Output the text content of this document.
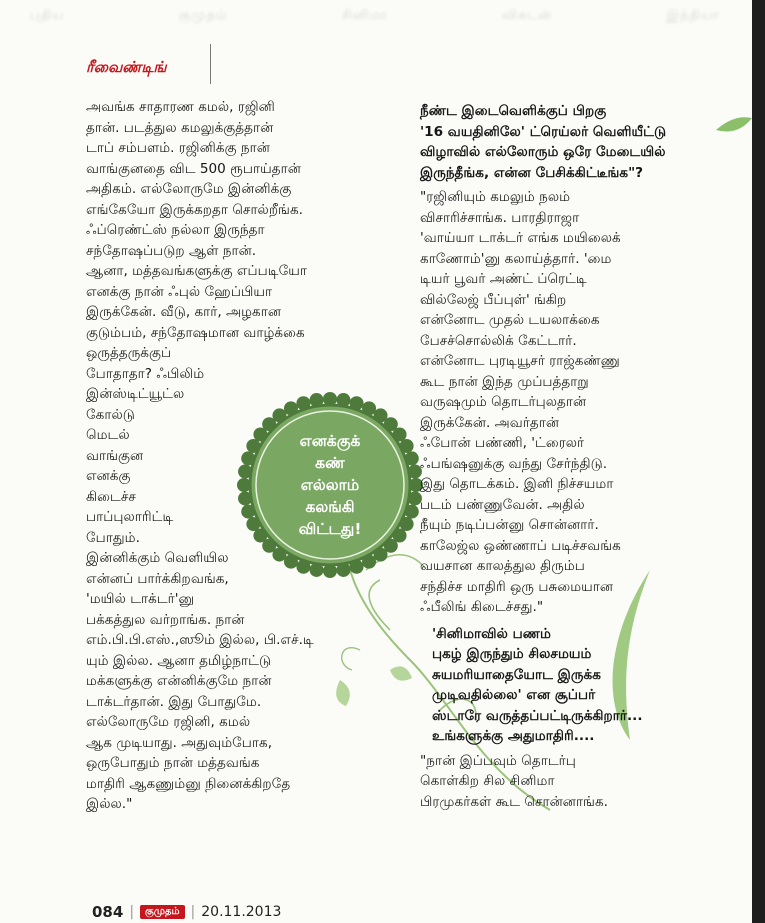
புதிய	குமுதம்	சினிமா	விகடன்	இந்தியா
ரீவைண்டிங்
எனக்குக்
கண்
எல்லாம்
கலங்கி
விட்டது!
அவங்க சாதாரண கமல், ரஜினி
தான். படத்துல கமலுக்குத்தான்
டாப் சம்பளம். ரஜினிக்கு நான்
வாங்குனதை விட 500 ரூபாய்தான்
அதிகம். எல்லோருமே இன்னிக்கு
எங்கேயோ இருக்கறதா சொல்றீங்க.
ஃப்ரெண்ட்ஸ் நல்லா இருந்தா
சந்தோஷப்படுற ஆள் நான்.
ஆனா, மத்தவங்களுக்கு எப்படியோ
எனக்கு நான் ஃபுல் ஹேப்பியா
இருக்கேன். வீடு, கார், அழகான
குடும்பம், சந்தோஷமான வாழ்க்கை
ஒருத்தருக்குப்
போதாதா? ஃபிலிம்
இன்ஸ்டிட்யூட்ல
கோல்டு
மெடல்
வாங்குன
எனக்கு
கிடைச்ச
பாப்புலாரிட்டி
போதும்.
இன்னிக்கும் வெளியில
என்னப் பார்க்கிறவங்க,
'மயில் டாக்டர்'னு
பக்கத்துல வர்றாங்க. நான்
எம்.பி.பி.எஸ்.,ஸூம் இல்ல, பி.எச்.டி
யும் இல்ல. ஆனா தமிழ்நாட்டு
மக்களுக்கு என்னிக்குமே நான்
டாக்டர்தான். இது போதுமே.
எல்லோருமே ரஜினி, கமல்
ஆக முடியாது. அதுவும்போக,
ஒருபோதும் நான் மத்தவங்க
மாதிரி ஆகணும்னு நினைக்கிறதே
இல்ல."
நீண்ட இடைவெளிக்குப் பிறகு
'16 வயதினிலே' ட்ரெய்லர் வெளியீட்டு
விழாவில் எல்லோரும் ஒரே மேடையில்
இருந்தீங்க, என்ன பேசிக்கிட்டீங்க"?
"ரஜினியும் கமலும் நலம்
விசாரிச்சாங்க. பாரதிராஜா
'வாய்யா டாக்டர் எங்க மயிலைக்
காணோம்'னு கலாய்த்தார். 'மை
டியர் பூவர் அண்ட் ப்ரெட்டி
வில்லேஜ் பீப்புள்' ங்கிற
என்னோட முதல் டயலாக்கை
பேசச்சொல்லிக் கேட்டார்.
என்னோட புரடியூசர் ராஜ்கண்ணு
கூட நான் இந்த முப்பத்தாறு
வருஷமும் தொடர்புலதான்
இருக்கேன். அவர்தான்
ஃபோன் பண்ணி, 'ட்ரைலர்
ஃபங்ஷனுக்கு வந்து சேர்ந்திடு.
இது தொடக்கம். இனி நிச்சயமா
படம் பண்ணுவேன். அதில்
நீயும் நடிப்பன்னு சொன்னார்.
காலேஜ்ல ஒண்ணாப் படிச்சவங்க
வயசான காலத்துல திரும்ப
சந்திச்ச மாதிரி ஒரு பசுமையான
ஃபீலிங் கிடைச்சது."
'சினிமாவில் பணம்
புகழ் இருந்தும் சிலசமயம்
சுயமரியாதையோட இருக்க
முடிவதில்லை' என சூப்பர்
ஸ்டாரே வருத்தப்பட்டிருக்கிறார்...
உங்களுக்கு அதுமாதிரி....
"நான் இப்பவும் தொடர்பு
கொள்கிற சில சினிமா
பிரமுகர்கள் கூட சொன்னாங்க.
084 |	குமுதம் | 20.11.2013
